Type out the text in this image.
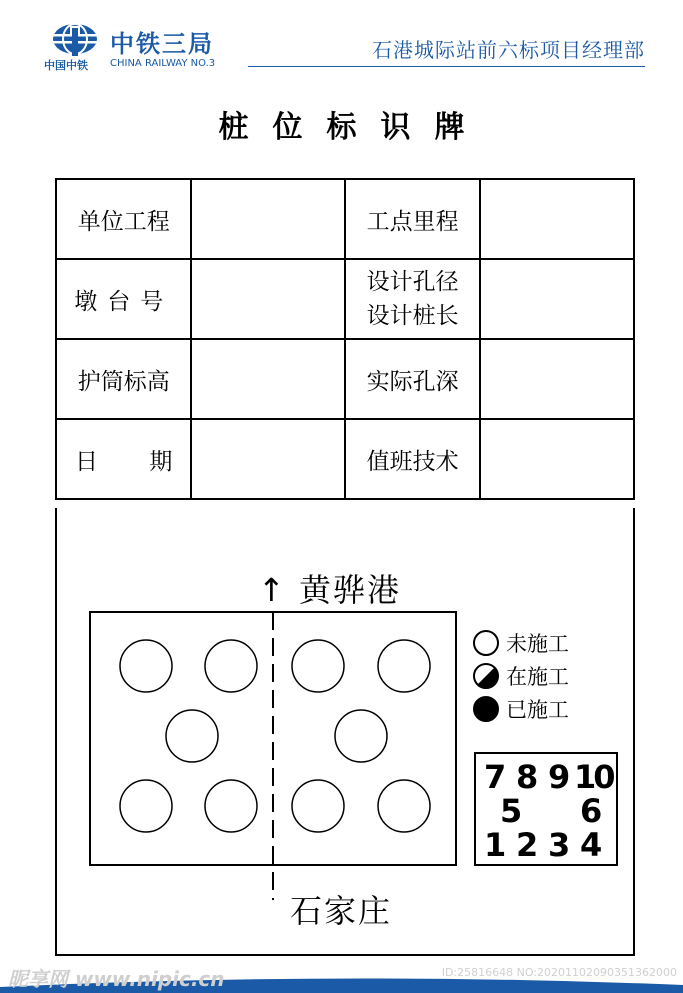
中铁三局
中国中铁 CHINA RAILWAY NO.3
石港城际站前六标项目经理部
桩位标识牌
单位工程		工点里程	
墩台号		设计孔径
设计桩长	

护筒标高		实际孔深	

日 期		值班技术	
↑ 黄骅港
石家庄
未施工
在施工
已施工
7 8 9 10
5 6
1 2 3 4
昵享网 www.nipic.cn	ID:25816648 NO:20201102090351362000
